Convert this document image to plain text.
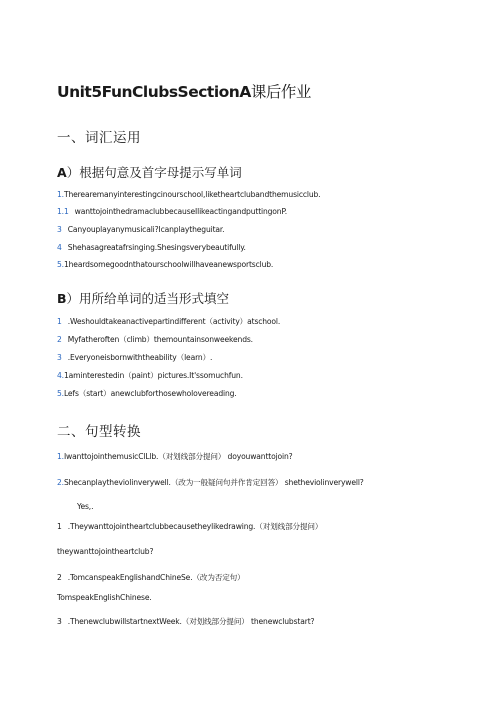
Unit5FunClubsSectionA课后作业
一、词汇运用
A）根据句意及首字母提示写单词
1.Therearemanyinterestingcinourschool,liketheartclubandthemusicclub.
1.1 wanttojointhedramaclubbecauseIlikeactingandputtingonP.
3 Canyouplayanymusicali?Icanplaytheguitar.
4 Shehasagreatafrsinging.Shesingsverybeautifully.
5.1heardsomegoodnthatourschoolwillhaveanewsportsclub.
B）用所给单词的适当形式填空
1 .Weshouldtakeanactivepartindifferent（activity）atschool.
2 Myfatheroften（climb）themountainsonweekends.
3 .Everyoneisbornwiththeability（learn）.
4.1aminterestedin（paint）pictures.It'ssomuchfun.
5.Lefs（start）anewclubforthosewholovereading.
二、句型转换
1.IwanttojointhemusicClLlb.（对划线部分提问） doyouwanttojoin?
2.Shecanplaytheviolinverywell.（改为一般疑问句并作肯定回答） shetheviolinverywell?
Yes,.
1 .Theywanttojointheartclubbecausetheylikedrawing.（对划线部分提问）
theywanttojointheartclub?
2 .TomcanspeakEnglishandChineSe.（改为否定句）
TomspeakEnglishChinese.
3 .ThenewclubwillstartnextWeek.（对划线部分提问） thenewclubstart?
